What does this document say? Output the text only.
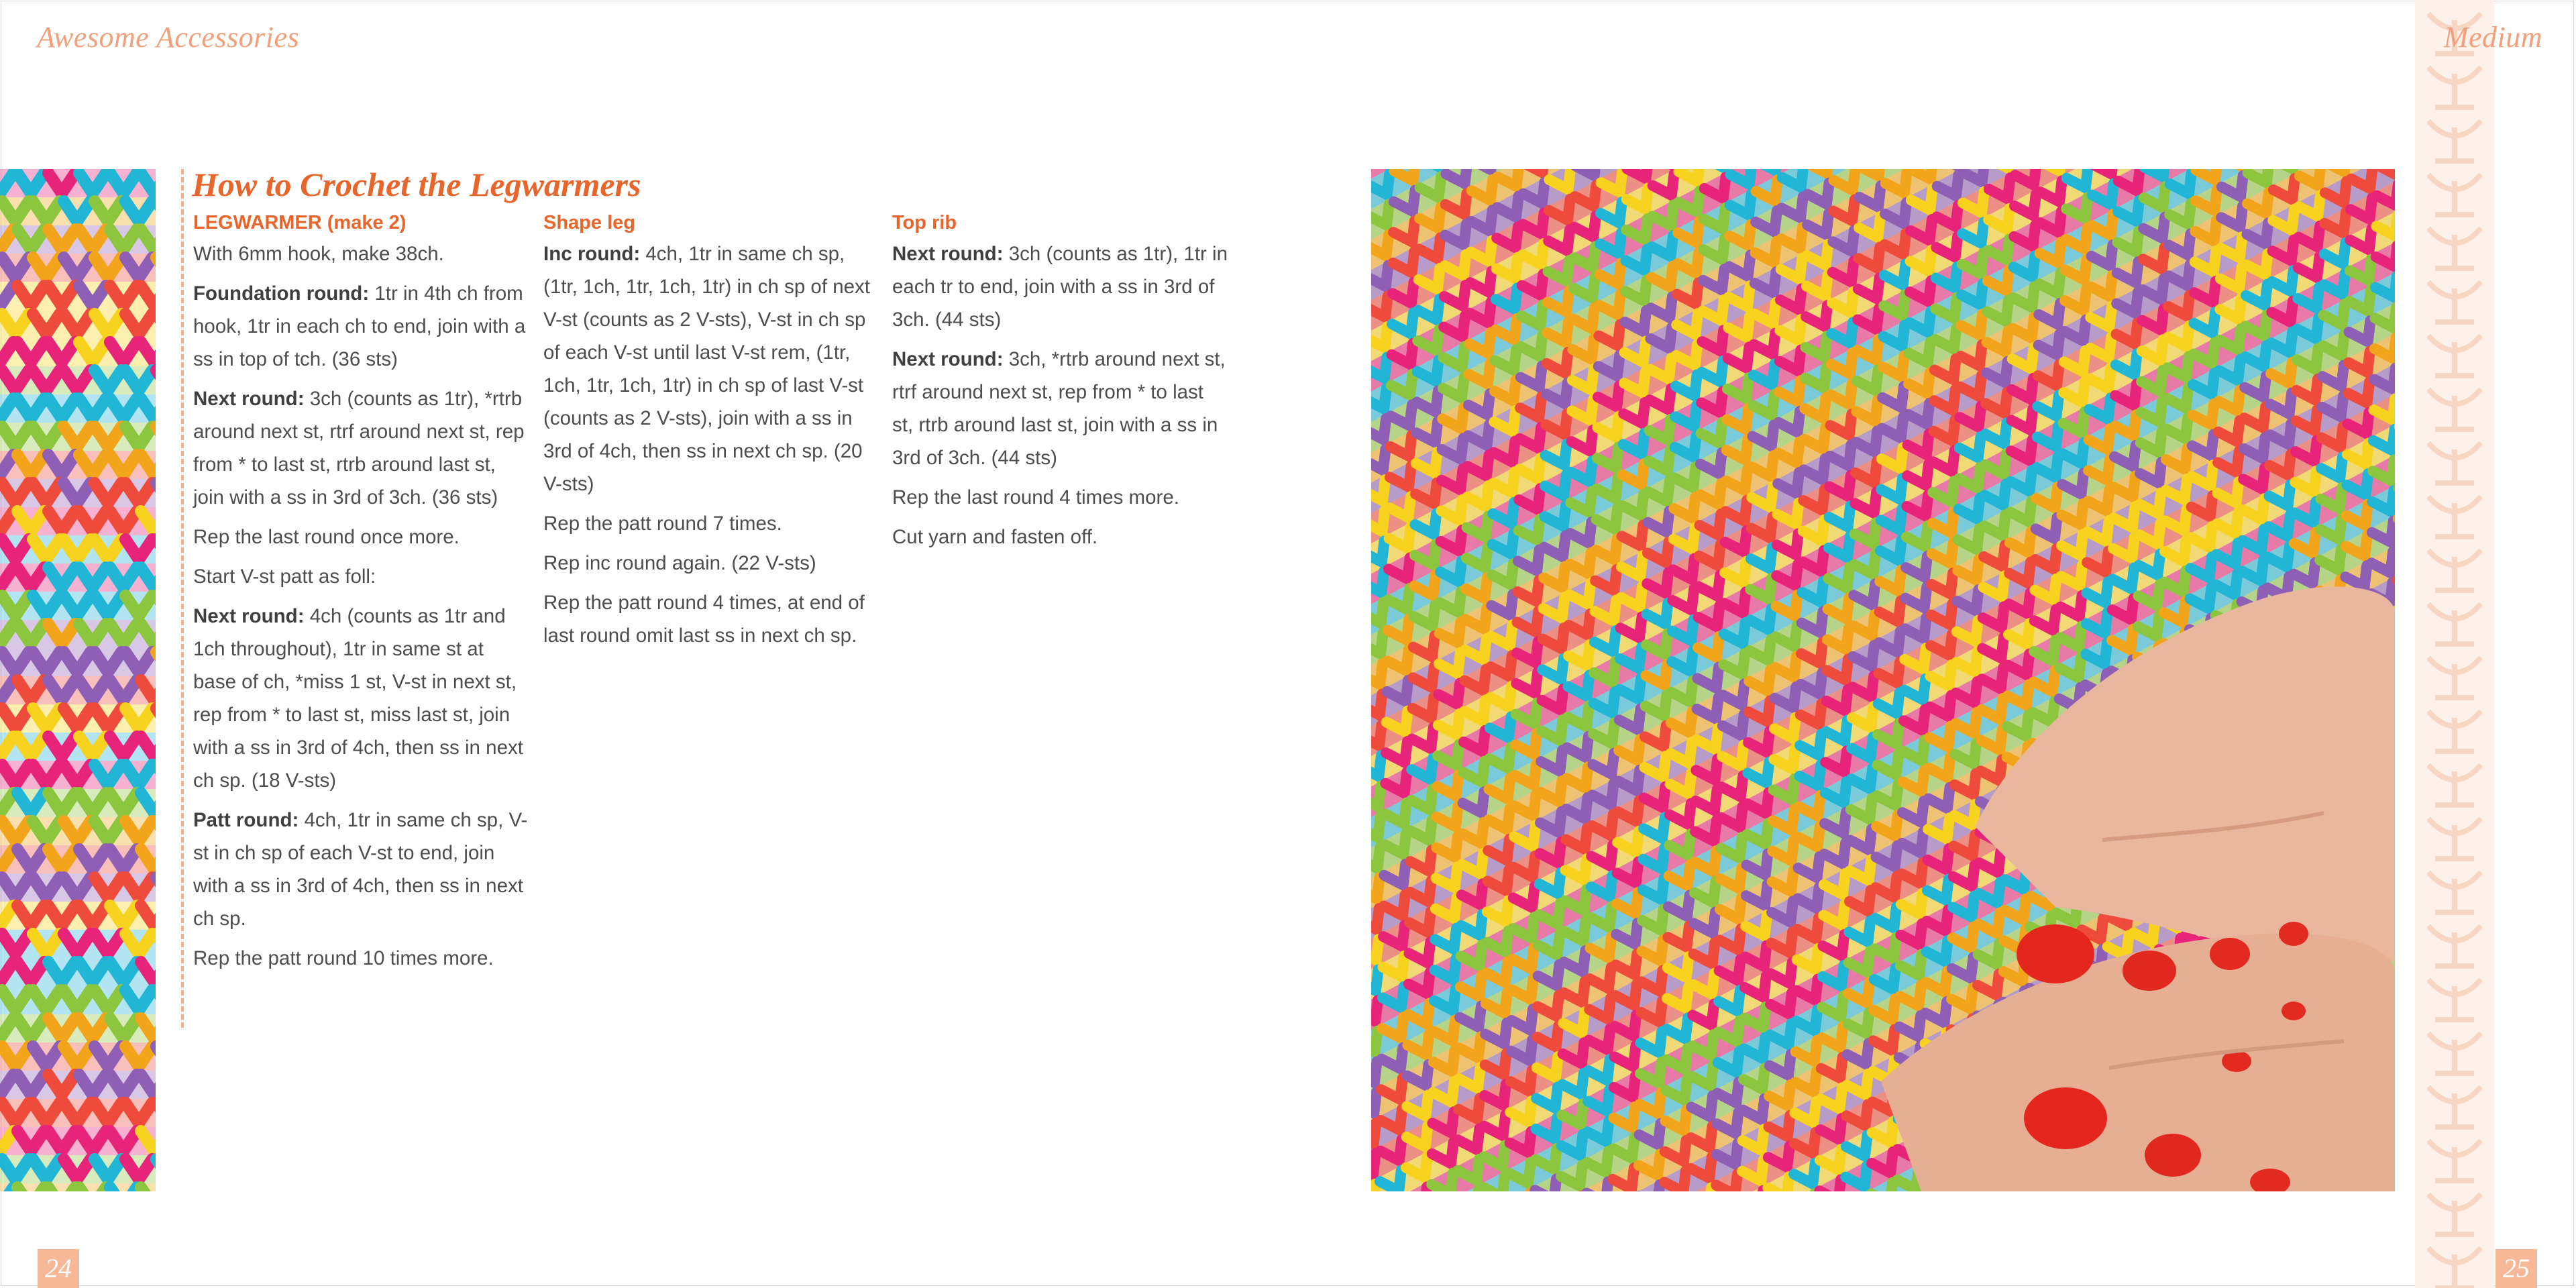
Awesome Accessories	Medium
How to Crochet the Legwarmers
LEGWARMER (make 2)
With 6mm hook, make 38ch.
Foundation round: 1tr in 4th ch from hook, 1tr in each ch to end, join with a ss in top of tch. (36 sts)
Next round: 3ch (counts as 1tr), *rtrb around next st, rtrf around next st, rep from * to last st, rtrb around last st, join with a ss in 3rd of 3ch. (36 sts)
Rep the last round once more.
Start V-st patt as foll:
Next round: 4ch (counts as 1tr and 1ch throughout), 1tr in same st at base of ch, *miss 1 st, V-st in next st, rep from * to last st, miss last st, join with a ss in 3rd of 4ch, then ss in next ch sp. (18 V-sts)
Patt round: 4ch, 1tr in same ch sp, V-st in ch sp of each V-st to end, join with a ss in 3rd of 4ch, then ss in next ch sp.
Rep the patt round 10 times more.
Shape leg
Inc round: 4ch, 1tr in same ch sp, (1tr, 1ch, 1tr, 1ch, 1tr) in ch sp of next V-st (counts as 2 V-sts), V-st in ch sp of each V-st until last V-st rem, (1tr, 1ch, 1tr, 1ch, 1tr) in ch sp of last V-st (counts as 2 V-sts), join with a ss in 3rd of 4ch, then ss in next ch sp. (20 V-sts)
Rep the patt round 7 times.
Rep inc round again. (22 V-sts)
Rep the patt round 4 times, at end of last round omit last ss in next ch sp.
Top rib
Next round: 3ch (counts as 1tr), 1tr in each tr to end, join with a ss in 3rd of 3ch. (44 sts)
Next round: 3ch, *rtrb around next st, rtrf around next st, rep from * to last st, rtrb around last st, join with a ss in 3rd of 3ch. (44 sts)
Rep the last round 4 times more.
Cut yarn and fasten off.
24	25
